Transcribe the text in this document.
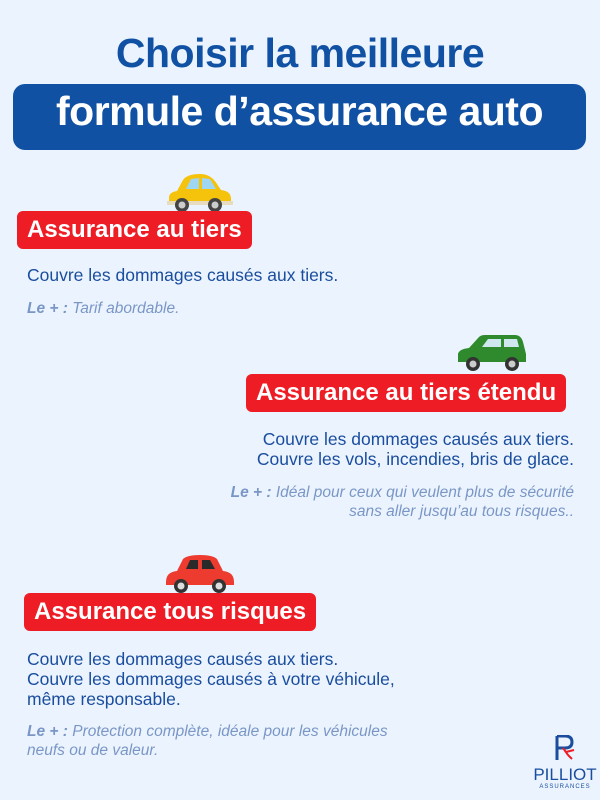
Choisir la meilleure
formule d’assurance auto
Assurance au tiers
Couvre les dommages causés aux tiers.
Le + : Tarif abordable.
Assurance au tiers étendu
Couvre les dommages causés aux tiers.
Couvre les vols, incendies, bris de glace.
Le + : Idéal pour ceux qui veulent plus de sécurité
sans aller jusqu’au tous risques..
Assurance tous risques
Couvre les dommages causés aux tiers.
Couvre les dommages causés à votre véhicule,
même responsable.
Le + : Protection complète, idéale pour les véhicules
neufs ou de valeur.
PILLIOT
ASSURANCES
